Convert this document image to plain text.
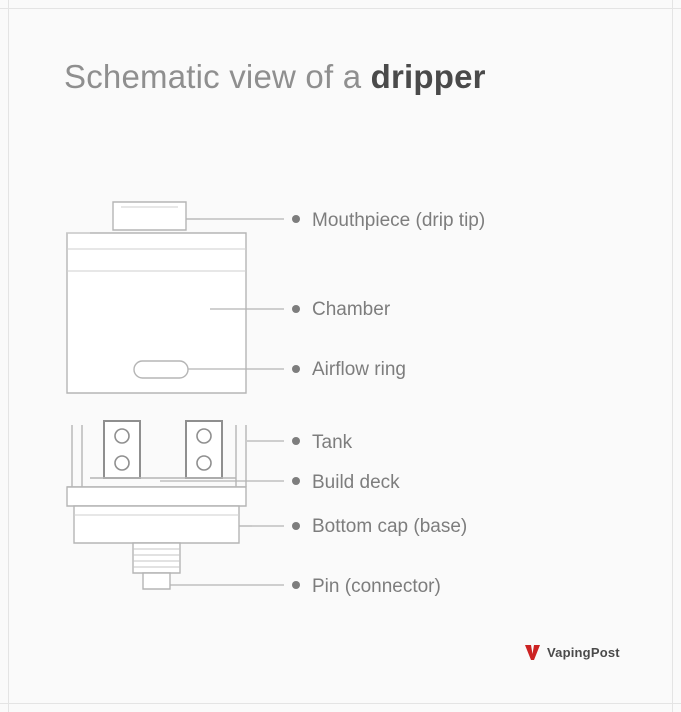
Schematic view of a dripper
Mouthpiece (drip tip)
Chamber
Airflow ring
Tank
Build deck
Bottom cap (base)
Pin (connector)
VapingPost
